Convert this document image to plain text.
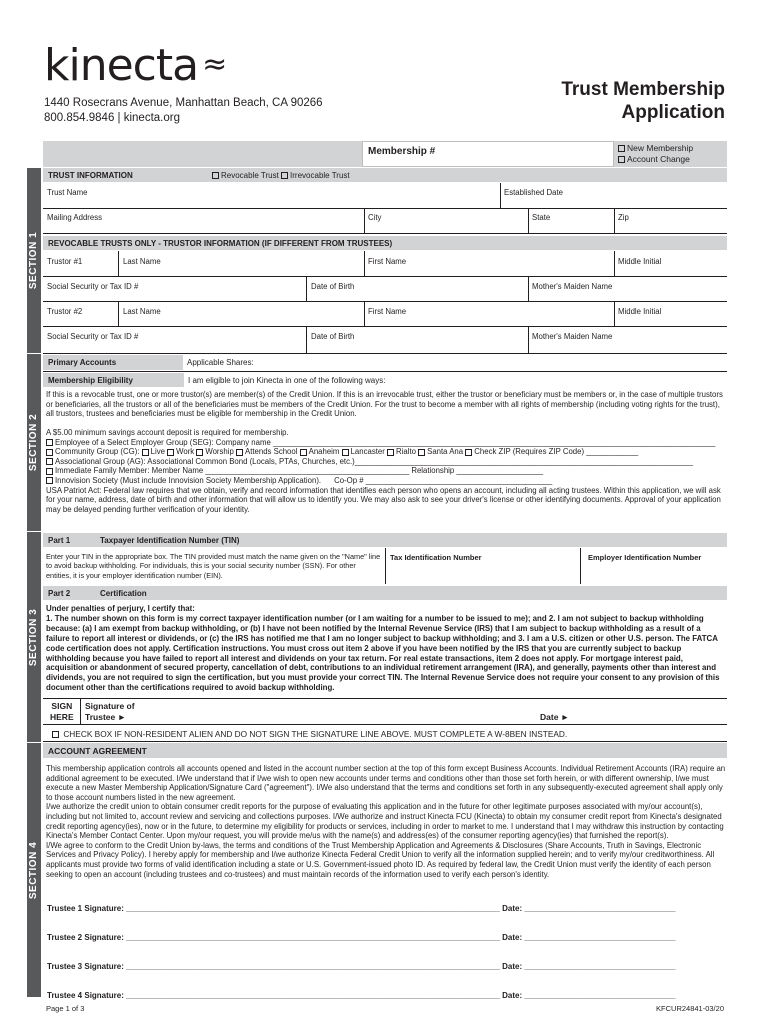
kinecta ≈
1440 Rosecrans Avenue, Manhattan Beach, CA 90266
800.854.9846 | kinecta.org
Trust Membership
Application
Membership #	New Membership
Account Change
SECTION 1
SECTION 2
SECTION 3
SECTION 4
TRUST INFORMATION	Revocable Trust Irrevocable Trust
Trust Name	Established Date
Mailing Address	City	State	Zip
REVOCABLE TRUSTS ONLY - TRUSTOR INFORMATION (IF DIFFERENT FROM TRUSTEES)
Trustor #1	Last Name	First Name	Middle Initial
Social Security or Tax ID #	Date of Birth	Mother's Maiden Name
Trustor #2	Last Name	First Name	Middle Initial
Social Security or Tax ID #	Date of Birth	Mother's Maiden Name
Primary Accounts	Applicable Shares:
Membership Eligibility	I am eligible to join Kinecta in one of the following ways:
If this is a revocable trust, one or more trustor(s) are member(s) of the Credit Union. If this is an irrevocable trust, either the trustor or beneficiary must be members or, in the case of multiple trustors or beneficiaries, all the trustors or all of the beneficiaries must be members of the Credit Union. For the trust to become a member with all rights of membership (including voting rights for the trust), all trustors, trustees and beneficiaries must be eligible for membership in the Credit Union.
A $5.00 minimum savings account deposit is required for membership.
Employee of a Select Employer Group (SEG): Company name ______________________________________________________________________________________________________
Community Group (CG): Live Work Worship Attends School Anaheim Lancaster Rialto Santa Ana Check ZIP (Requires ZIP Code) ____________
Associational Group (AG): Associational Common Bond (Locals, PTAs, Churches, etc.)______________________________________________________________________________
Immediate Family Member: Member Name _______________________________________________ Relationship ____________________
Innovision Society (Must include Innovision Society Membership Application). Co-Op # ___________________________________________
USA Patriot Act: Federal law requires that we obtain, verify and record information that identifies each person who opens an account, including all acting trustees. Within this application, we will ask for your name, address, date of birth and other information that will allow us to identify you. We may also ask to see your driver's license or other identifying documents. Approval of your application may be delayed pending further verification of your identity.
Part 1	Taxpayer Identification Number (TIN)
Enter your TIN in the appropriate box. The TIN provided must match the name given on the "Name" line to avoid backup withholding. For individuals, this is your social security number (SSN). For other entities, it is your employer identification number (EIN).
Tax Identification Number	Employer Identification Number
Part 2	Certification
Under penalties of perjury, I certify that:
1. The number shown on this form is my correct taxpayer identification number (or I am waiting for a number to be issued to me); and 2. I am not subject to backup withholding because: (a) I am exempt from backup withholding, or (b) I have not been notified by the Internal Revenue Service (IRS) that I am subject to backup withholding as a result of a failure to report all interest or dividends, or (c) the IRS has notified me that I am no longer subject to backup withholding; and 3. I am a U.S. citizen or other U.S. person. The FATCA code certification does not apply. Certification instructions. You must cross out item 2 above if you have been notified by the IRS that you are currently subject to backup withholding because you have failed to report all interest and dividends on your tax return. For real estate transactions, item 2 does not apply. For mortgage interest paid, acquisition or abandonment of secured property, cancellation of debt, contributions to an individual retirement arrangement (IRA), and generally, payments other than interest and dividends, you are not required to sign the certification, but you must provide your correct TIN. The Internal Revenue Service does not require your consent to any provision of this document other than the certifications required to avoid backup withholding.
SIGN
HERE
Signature of
Trustee ►	Date ►
CHECK BOX IF NON-RESIDENT ALIEN AND DO NOT SIGN THE SIGNATURE LINE ABOVE. MUST COMPLETE A W-8BEN INSTEAD.
ACCOUNT AGREEMENT
This membership application controls all accounts opened and listed in the account number section at the top of this form except Business Accounts. Individual Retirement Accounts (IRA) require an additional agreement to be executed. I/We understand that if I/we wish to open new accounts under terms and conditions other than those set forth herein, or with different ownership, I/we must execute a new Master Membership Application/Signature Card ("agreement"). I/We also understand that the terms and conditions set forth in any subsequently-executed agreement shall apply only to those account numbers listed in the new agreement.
I/we authorize the credit union to obtain consumer credit reports for the purpose of evaluating this application and in the future for other legitimate purposes associated with my/our account(s), including but not limited to, account review and servicing and collections purposes. I/We authorize and instruct Kinecta FCU (Kinecta) to obtain my consumer credit report from Kinecta's designated credit reporting agency(ies), now or in the future, to determine my eligibility for products or services, including in order to market to me. I understand that I may withdraw this instruction by contacting Kinecta's Member Contact Center. Upon my/our request, you will provide me/us with the name(s) and address(es) of the consumer reporting agency(ies) that furnished the report(s).
I/We agree to conform to the Credit Union by-laws, the terms and conditions of the Trust Membership Application and Agreements & Disclosures (Share Accounts, Truth in Savings, Electronic Services and Privacy Policy). I hereby apply for membership and I/we authorize Kinecta Federal Credit Union to verify all the information supplied herein; and to verify my/our creditworthiness. All applicants must provide two forms of valid identification including a state or U.S. Government-issued photo ID. As required by federal law, the Credit Union must verify the identity of each person seeking to open an account (including trustees and co-trustees) and must maintain records of the information used to verify each person's identity.
Trustee 1 Signature: ____________________________________________________________________________________ Date: __________________________________
Trustee 2 Signature: ____________________________________________________________________________________ Date: __________________________________
Trustee 3 Signature: ____________________________________________________________________________________ Date: __________________________________
Trustee 4 Signature: ____________________________________________________________________________________ Date: __________________________________
Page 1 of 3	KFCUR24841-03/20
